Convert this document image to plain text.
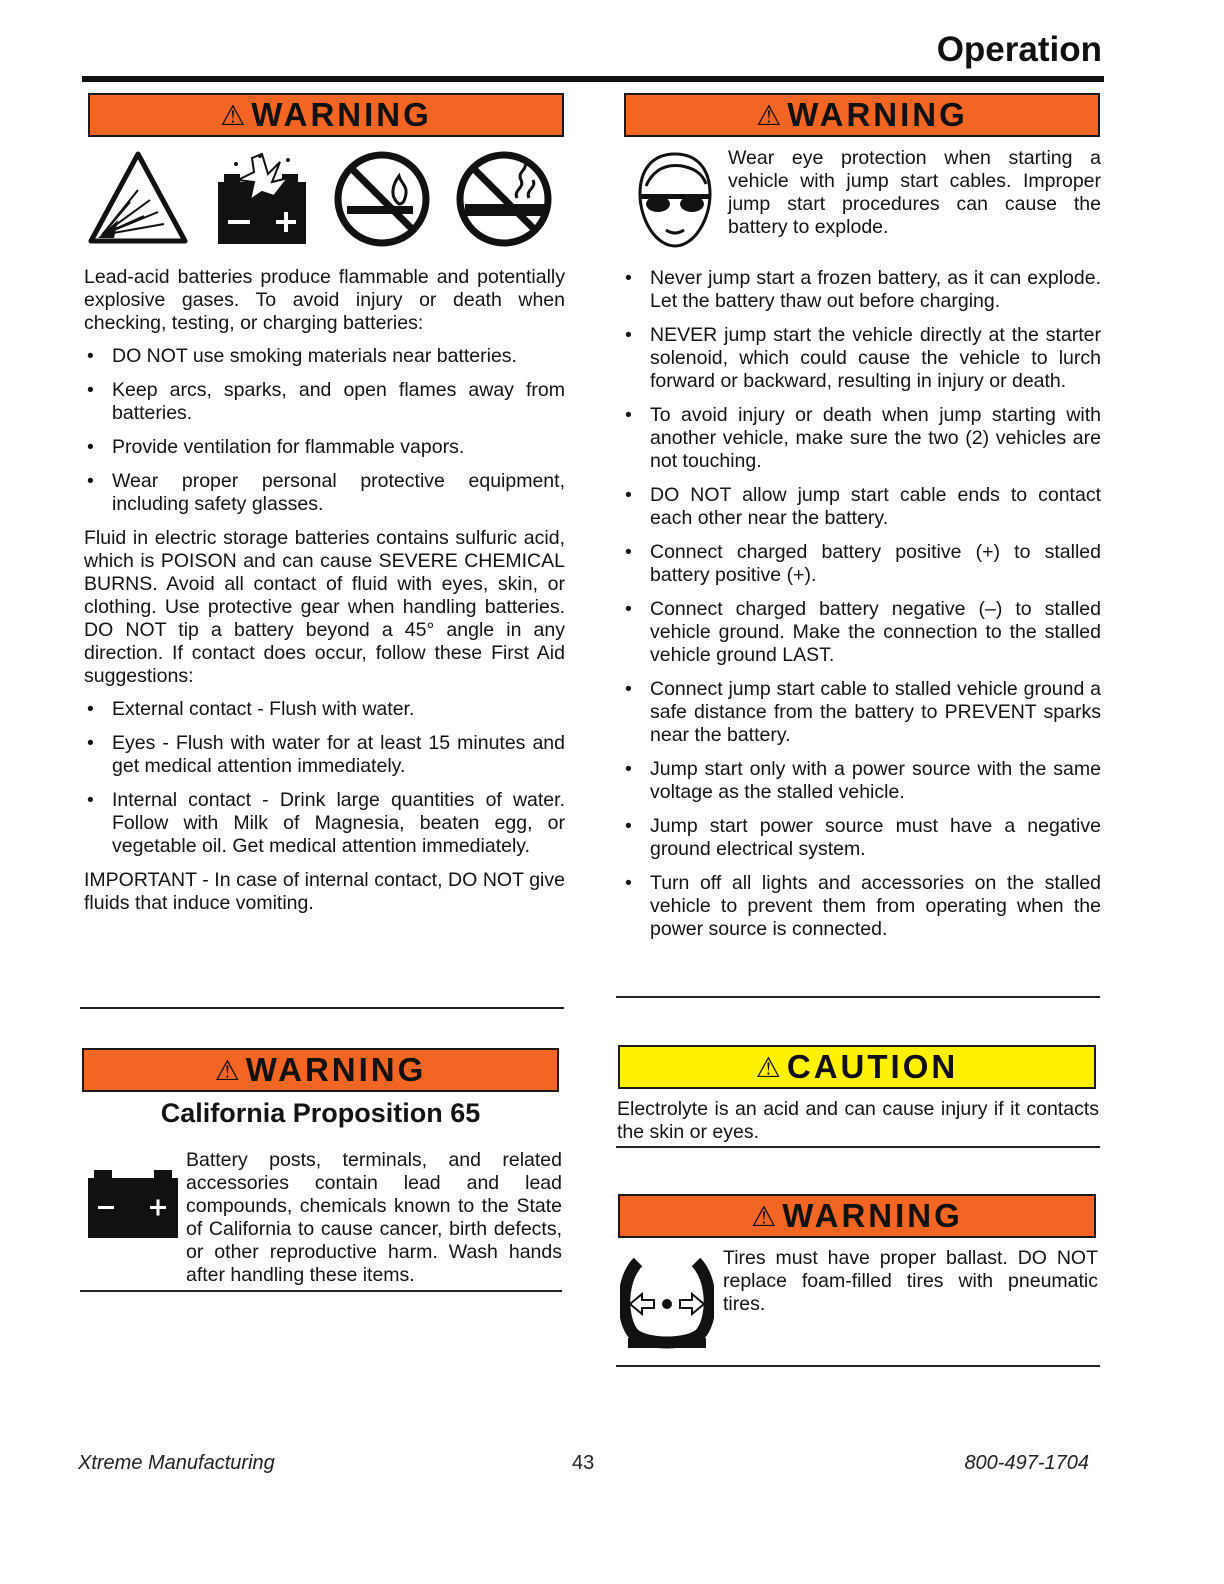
Operation
⚠ WARNING

Lead-acid batteries produce flammable and potentially explosive gases. To avoid injury or death when checking, testing, or charging batteries:

• DO NOT use smoking materials near batteries.
• Keep arcs, sparks, and open flames away from batteries.
• Provide ventilation for flammable vapors.
• Wear proper personal protective equipment, including safety glasses.

Fluid in electric storage batteries contains sulfuric acid, which is POISON and can cause SEVERE CHEMICAL BURNS. Avoid all contact of fluid with eyes, skin, or clothing. Use protective gear when handling batteries. DO NOT tip a battery beyond a 45° angle in any direction. If contact does occur, follow these First Aid suggestions:

• External contact - Flush with water.
• Eyes - Flush with water for at least 15 minutes and get medical attention immediately.
• Internal contact - Drink large quantities of water. Follow with Milk of Magnesia, beaten egg, or vegetable oil. Get medical attention immediately.

IMPORTANT - In case of internal contact, DO NOT give fluids that induce vomiting.

⚠ WARNING
California Proposition 65
Battery posts, terminals, and related accessories contain lead and lead compounds, chemicals known to the State of California to cause cancer, birth defects, or other reproductive harm. Wash hands after handling these items.
⚠ WARNING
Wear eye protection when starting a vehicle with jump start cables. Improper jump start procedures can cause the battery to explode.
• Never jump start a frozen battery, as it can explode. Let the battery thaw out before charging.
• NEVER jump start the vehicle directly at the starter solenoid, which could cause the vehicle to lurch forward or backward, resulting in injury or death.
• To avoid injury or death when jump starting with another vehicle, make sure the two (2) vehicles are not touching.
• DO NOT allow jump start cable ends to contact each other near the battery.
• Connect charged battery positive (+) to stalled battery positive (+).
• Connect charged battery negative (–) to stalled vehicle ground. Make the connection to the stalled vehicle ground LAST.
• Connect jump start cable to stalled vehicle ground a safe distance from the battery to PREVENT sparks near the battery.
• Jump start only with a power source with the same voltage as the stalled vehicle.
• Jump start power source must have a negative ground electrical system.
• Turn off all lights and accessories on the stalled vehicle to prevent them from operating when the power source is connected.
⚠ CAUTION
Electrolyte is an acid and can cause injury if it contacts the skin or eyes.
⚠ WARNING
Tires must have proper ballast. DO NOT replace foam-filled tires with pneumatic tires.
Xtreme Manufacturing	43	800-497-1704
